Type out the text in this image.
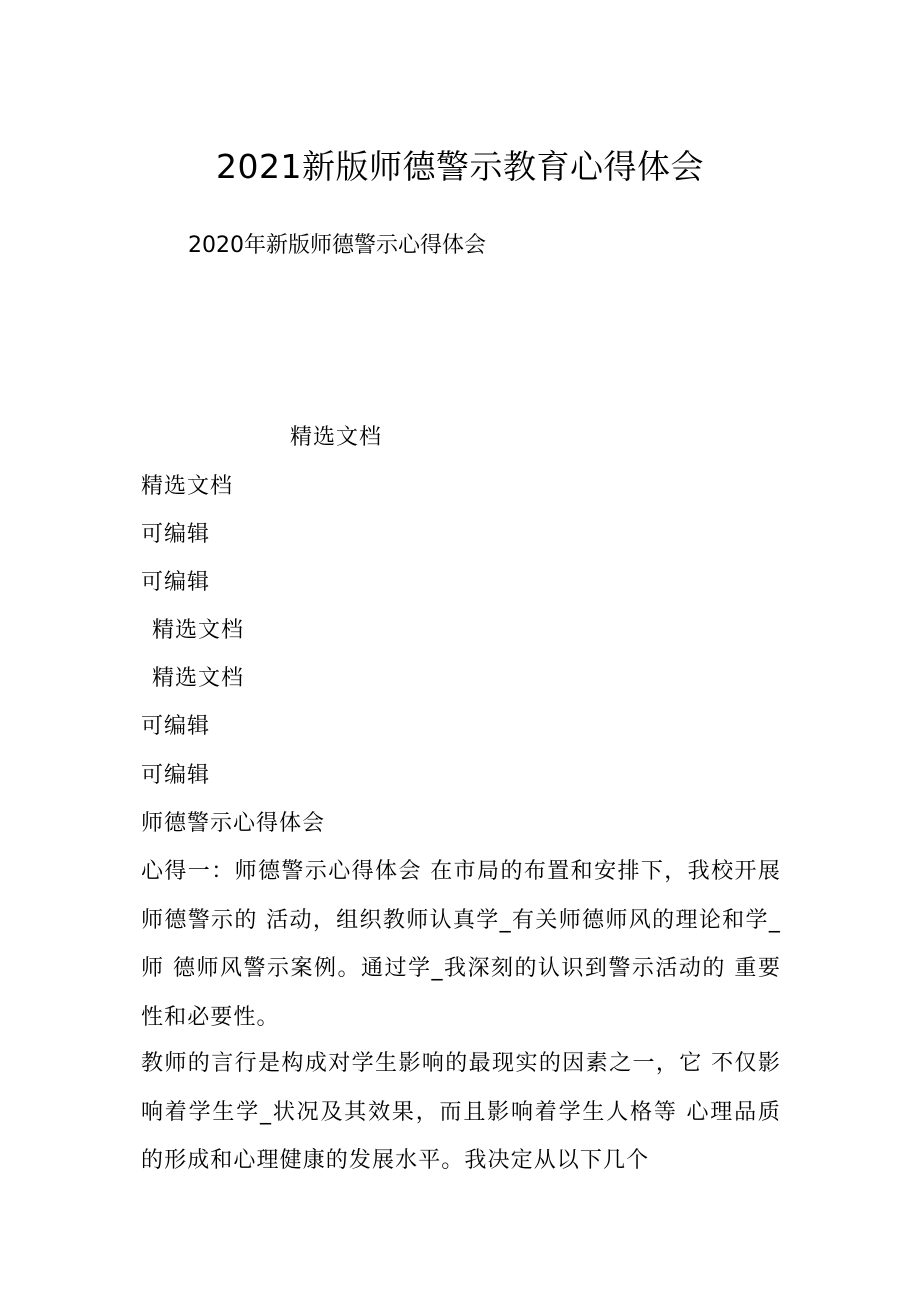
2021新版师德警示教育心得体会
2020年新版师德警示心得体会
精选文档
精选文档
可编辑
可编辑
精选文档
精选文档
可编辑
可编辑
师德警示心得体会
心得一：师德警示心得体会 在市局的布置和安排下，我校开展师德警示的 活动，组织教师认真学_有关师德师风的理论和学_师 德师风警示案例。通过学_我深刻的认识到警示活动的 重要性和必要性。
教师的言行是构成对学生影响的最现实的因素之一，它 不仅影响着学生学_状况及其效果，而且影响着学生人格等 心理品质的形成和心理健康的发展水平。我决定从以下几个
